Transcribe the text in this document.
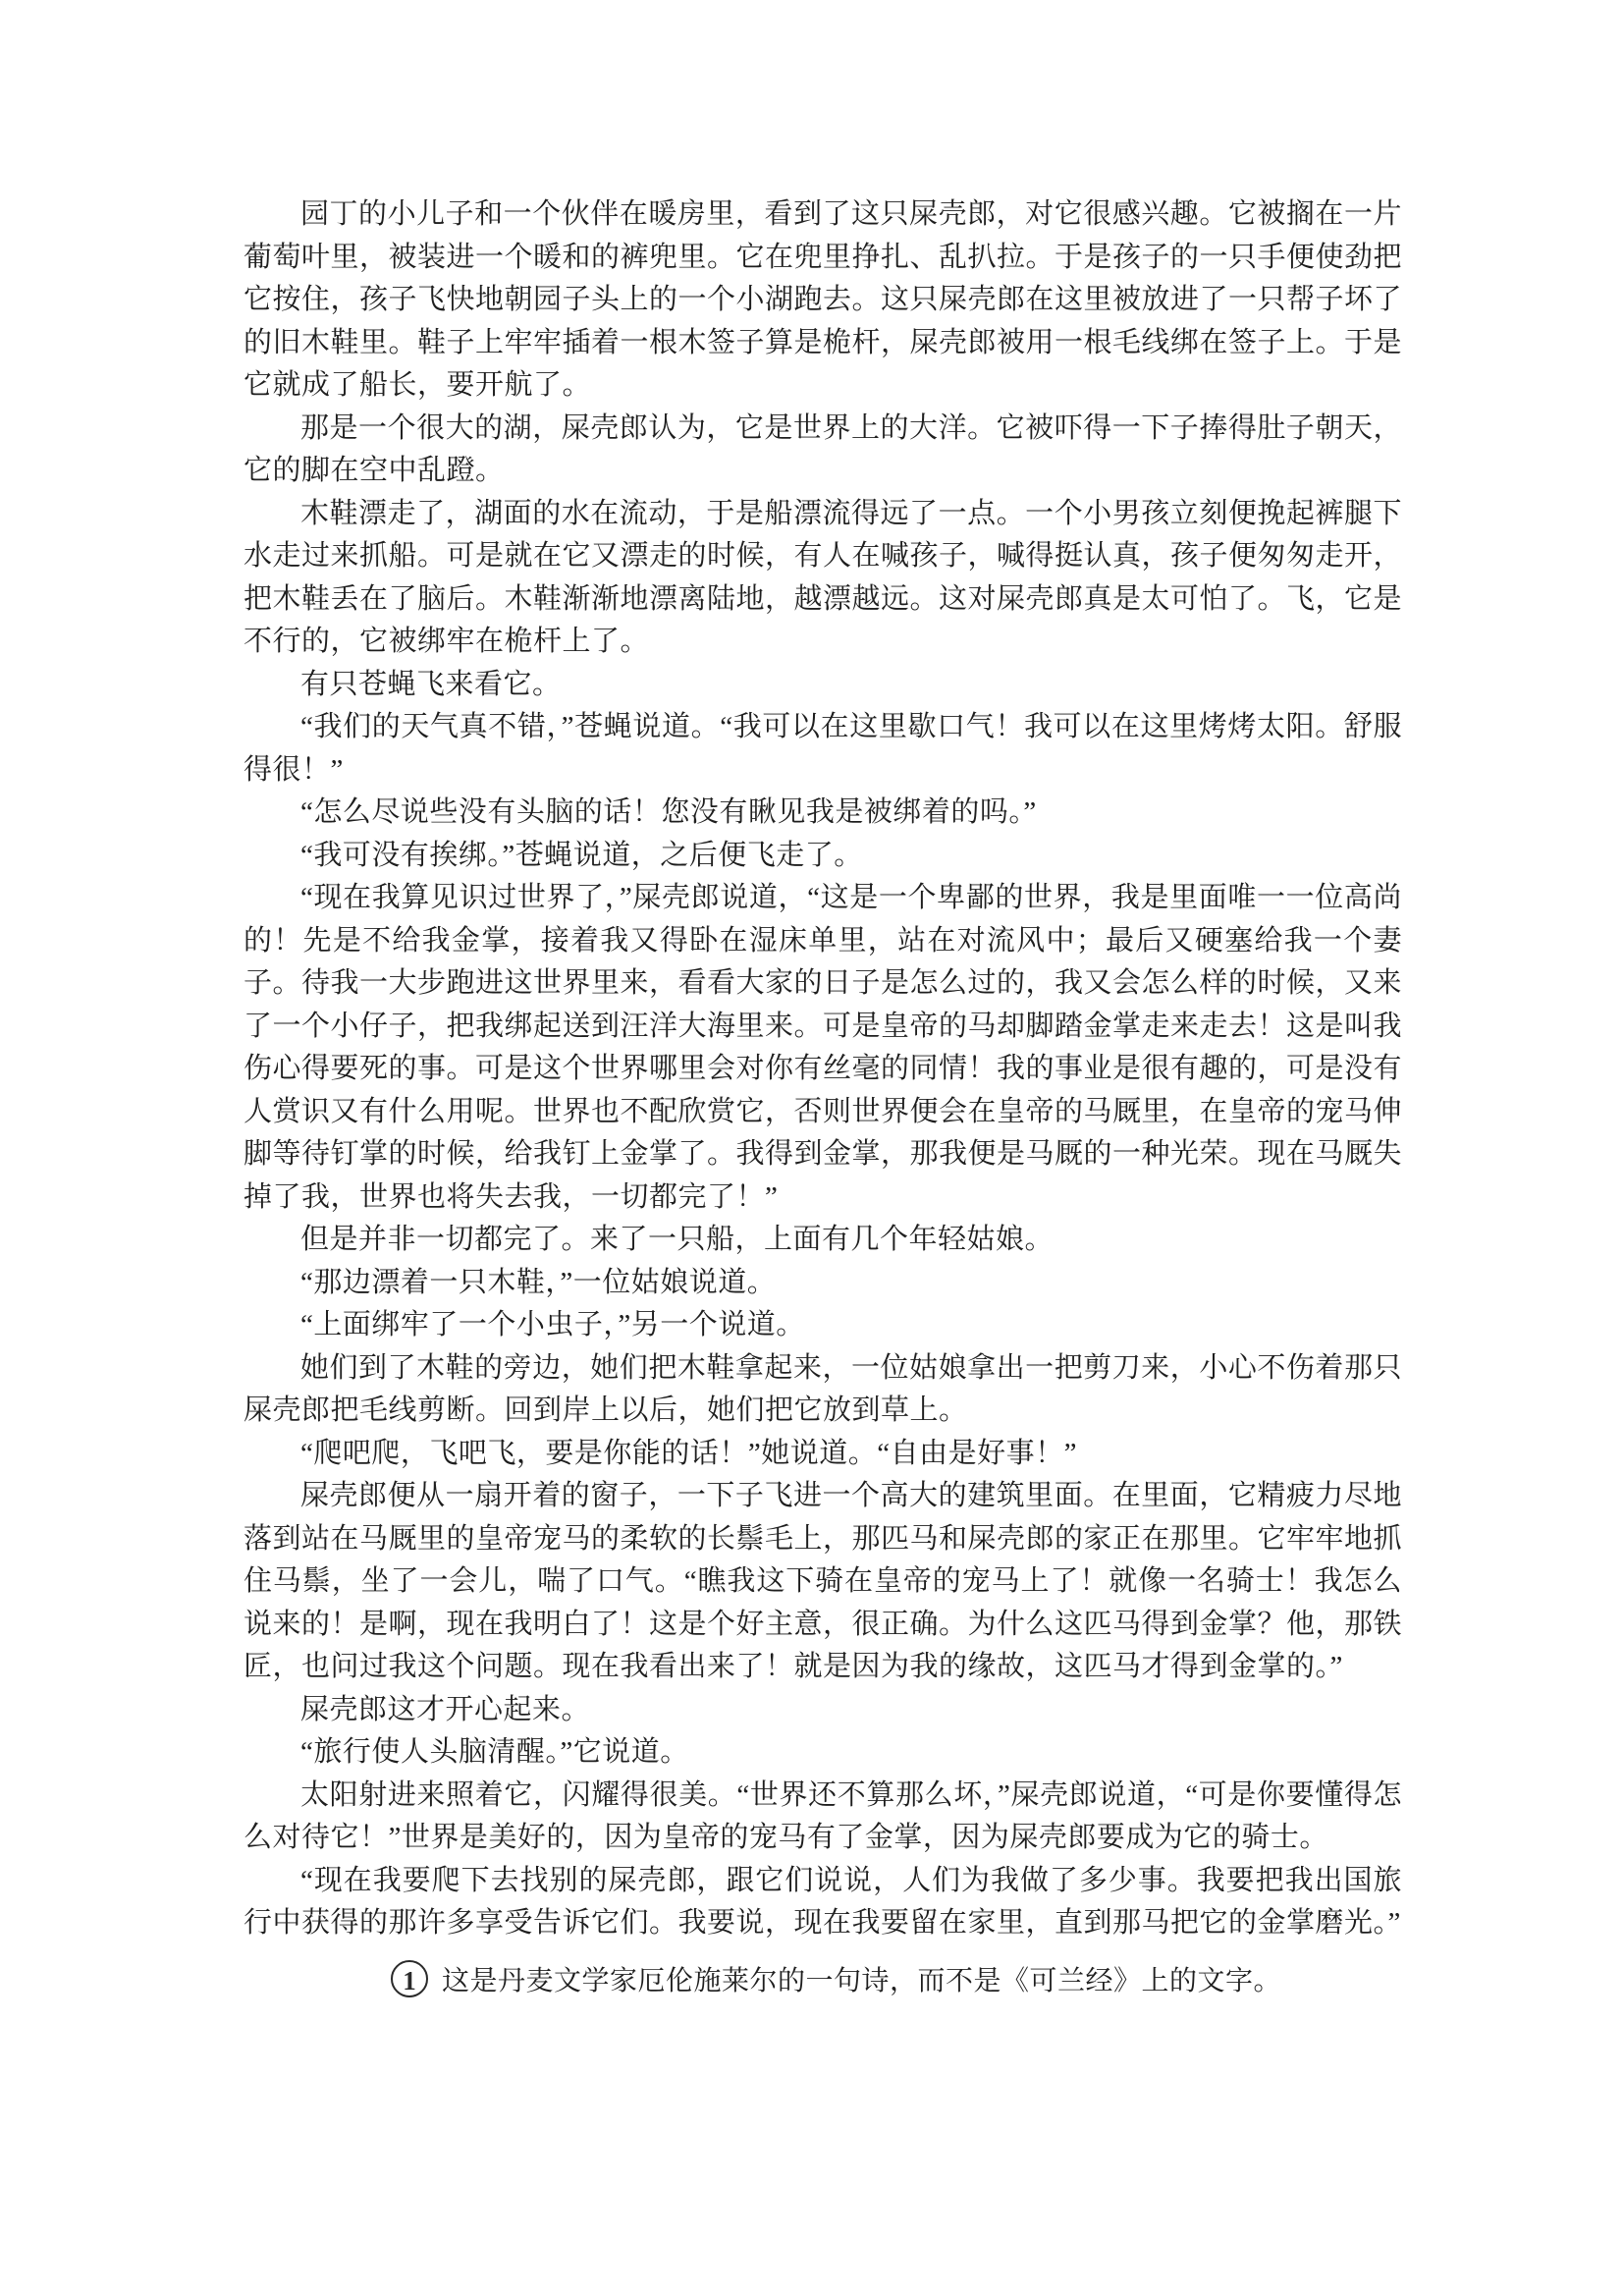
园丁的小儿子和一个伙伴在暖房里，看到了这只屎壳郎，对它很感兴趣。它被搁在一片葡萄叶里，被装进一个暖和的裤兜里。它在兜里挣扎、乱扒拉。于是孩子的一只手便使劲把它按住，孩子飞快地朝园子头上的一个小湖跑去。这只屎壳郎在这里被放进了一只帮子坏了的旧木鞋里。鞋子上牢牢插着一根木签子算是桅杆，屎壳郎被用一根毛线绑在签子上。于是它就成了船长，要开航了。

那是一个很大的湖，屎壳郎认为，它是世界上的大洋。它被吓得一下子捧得肚子朝天，它的脚在空中乱蹬。

木鞋漂走了，湖面的水在流动，于是船漂流得远了一点。一个小男孩立刻便挽起裤腿下水走过来抓船。可是就在它又漂走的时候，有人在喊孩子，喊得挺认真，孩子便匆匆走开，把木鞋丢在了脑后。木鞋渐渐地漂离陆地，越漂越远。这对屎壳郎真是太可怕了。飞，它是不行的，它被绑牢在桅杆上了。

有只苍蝇飞来看它。

“我们的天气真不错，”苍蝇说道。“我可以在这里歇口气！我可以在这里烤烤太阳。舒服得很！”

“怎么尽说些没有头脑的话！您没有瞅见我是被绑着的吗。”

“我可没有挨绑。”苍蝇说道，之后便飞走了。

“现在我算见识过世界了，”屎壳郎说道，“这是一个卑鄙的世界，我是里面唯一一位高尚的！先是不给我金掌，接着我又得卧在湿床单里，站在对流风中；最后又硬塞给我一个妻子。待我一大步跑进这世界里来，看看大家的日子是怎么过的，我又会怎么样的时候，又来了一个小仔子，把我绑起送到汪洋大海里来。可是皇帝的马却脚踏金掌走来走去！这是叫我伤心得要死的事。可是这个世界哪里会对你有丝毫的同情！我的事业是很有趣的，可是没有人赏识又有什么用呢。世界也不配欣赏它，否则世界便会在皇帝的马厩里，在皇帝的宠马伸脚等待钉掌的时候，给我钉上金掌了。我得到金掌，那我便是马厩的一种光荣。现在马厩失掉了我，世界也将失去我，一切都完了！”

但是并非一切都完了。来了一只船，上面有几个年轻姑娘。

“那边漂着一只木鞋，”一位姑娘说道。

“上面绑牢了一个小虫子，”另一个说道。

她们到了木鞋的旁边，她们把木鞋拿起来，一位姑娘拿出一把剪刀来，小心不伤着那只屎壳郎把毛线剪断。回到岸上以后，她们把它放到草上。

“爬吧爬，飞吧飞，要是你能的话！”她说道。“自由是好事！”

屎壳郎便从一扇开着的窗子，一下子飞进一个高大的建筑里面。在里面，它精疲力尽地落到站在马厩里的皇帝宠马的柔软的长鬃毛上，那匹马和屎壳郎的家正在那里。它牢牢地抓住马鬃，坐了一会儿，喘了口气。“瞧我这下骑在皇帝的宠马上了！就像一名骑士！我怎么说来的！是啊，现在我明白了！这是个好主意，很正确。为什么这匹马得到金掌？他，那铁匠，也问过我这个问题。现在我看出来了！就是因为我的缘故，这匹马才得到金掌的。”

屎壳郎这才开心起来。

“旅行使人头脑清醒。”它说道。

太阳射进来照着它，闪耀得很美。“世界还不算那么坏，”屎壳郎说道，“可是你要懂得怎么对待它！”世界是美好的，因为皇帝的宠马有了金掌，因为屎壳郎要成为它的骑士。

“现在我要爬下去找别的屎壳郎，跟它们说说，人们为我做了多少事。我要把我出国旅行中获得的那许多享受告诉它们。我要说，现在我要留在家里，直到那马把它的金掌磨光。”

1 这是丹麦文学家厄伦施莱尔的一句诗，而不是《可兰经》上的文字。
